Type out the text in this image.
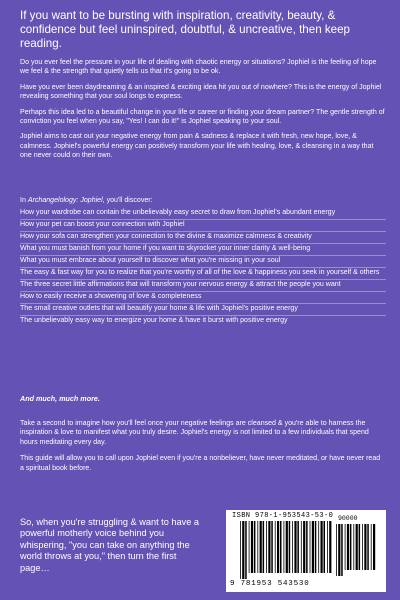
If you want to be bursting with inspiration, creativity, beauty, & confidence but feel uninspired, doubtful, & uncreative, then keep reading.

Do you ever feel the pressure in your life of dealing with chaotic energy or situations? Jophiel is the feeling of hope we feel & the strength that quietly tells us that it's going to be ok.

Have you ever been daydreaming & an inspired & exciting idea hit you out of nowhere? This is the energy of Jophiel revealing something that your soul longs to express.

Perhaps this idea led to a beautiful change in your life or career or finding your dream partner? The gentle strength of conviction you feel when you say, "Yes! I can do it!" is Jophiel speaking to your soul.

Jophiel aims to cast out your negative energy from pain & sadness & replace it with fresh, new hope, love, & calmness. Jophiel's powerful energy can positively transform your life with healing, love, & cleansing in a way that one never could on their own.

In Archangelology: Jophiel, you'll discover:

How your wardrobe can contain the unbelievably easy secret to draw from Jophiel's abundant energy
How your pet can boost your connection with Jophiel
How your sofa can strengthen your connection to the divine & maximize calmness & creativity
What you must banish from your home if you want to skyrocket your inner clarity & well-being
What you must embrace about yourself to discover what you're missing in your soul
The easy & fast way for you to realize that you're worthy of all of the love & happiness you seek in yourself & others
The three secret little affirmations that will transform your nervous energy & attract the people you want
How to easily receive a showering of love & completeness
The small creative outlets that will beautify your home & life with Jophiel's positive energy
The unbelievably easy way to energize your home & have it burst with positive energy
And much, much more.

Take a second to imagine how you'll feel once your negative feelings are cleansed & you're able to harness the inspiration & love to manifest what you truly desire. Jophiel's energy is not limited to a few individuals that spend hours meditating every day.

This guide will allow you to call upon Jophiel even if you're a nonbeliever, have never meditated, or have never read a spiritual book before.

So, when you're struggling & want to have a powerful motherly voice behind you whispering, "you can take on anything the world throws at you," then turn the first page…
ISBN 978-1-953543-53-0 90000
9 781953 543530
